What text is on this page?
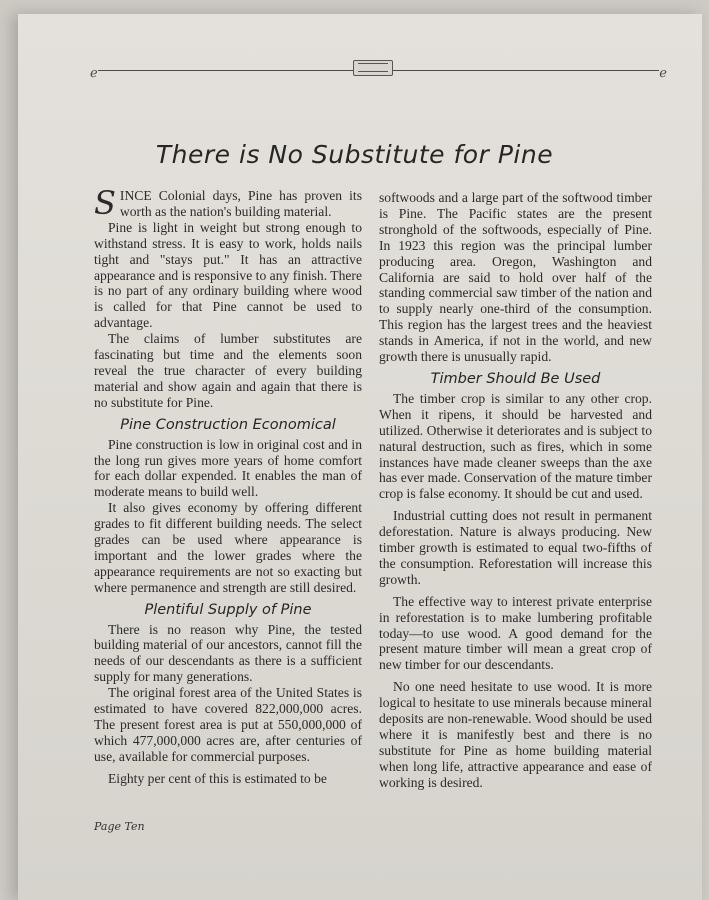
ℯ	ℯ
There is No Substitute for Pine

SINCE Colonial days, Pine has proven its worth as the nation's building material.

Pine is light in weight but strong enough to withstand stress. It is easy to work, holds nails tight and "stays put." It has an attractive appearance and is responsive to any finish. There is no part of any ordinary building where wood is called for that Pine cannot be used to advantage.

The claims of lumber substitutes are fascinating but time and the elements soon reveal the true character of every building material and show again and again that there is no substitute for Pine.

Pine Construction Economical

Pine construction is low in original cost and in the long run gives more years of home comfort for each dollar expended. It enables the man of moderate means to build well.

It also gives economy by offering different grades to fit different building needs. The select grades can be used where appearance is important and the lower grades where the appearance requirements are not so exacting but where permanence and strength are still desired.

Plentiful Supply of Pine

There is no reason why Pine, the tested building material of our ancestors, cannot fill the needs of our descendants as there is a sufficient supply for many generations.

The original forest area of the United States is estimated to have covered 822,000,000 acres. The present forest area is put at 550,000,000 of which 477,000,000 acres are, after centuries of use, available for commercial purposes.

Eighty per cent of this is estimated to be

softwoods and a large part of the softwood timber is Pine. The Pacific states are the present stronghold of the softwoods, especially of Pine. In 1923 this region was the principal lumber producing area. Oregon, Washington and California are said to hold over half of the standing commercial saw timber of the nation and to supply nearly one-third of the consumption. This region has the largest trees and the heaviest stands in America, if not in the world, and new growth there is unusually rapid.

Timber Should Be Used

The timber crop is similar to any other crop. When it ripens, it should be harvested and utilized. Otherwise it deteriorates and is subject to natural destruction, such as fires, which in some instances have made cleaner sweeps than the axe has ever made. Conservation of the mature timber crop is false economy. It should be cut and used.

Industrial cutting does not result in permanent deforestation. Nature is always producing. New timber growth is estimated to equal two-fifths of the consumption. Reforestation will increase this growth.

The effective way to interest private enterprise in reforestation is to make lumbering profitable today—to use wood. A good demand for the present mature timber will mean a great crop of new timber for our descendants.

No one need hesitate to use wood. It is more logical to hesitate to use minerals because mineral deposits are non-renewable. Wood should be used where it is manifestly best and there is no substitute for Pine as home building material when long life, attractive appearance and ease of working is desired.

Page Ten
